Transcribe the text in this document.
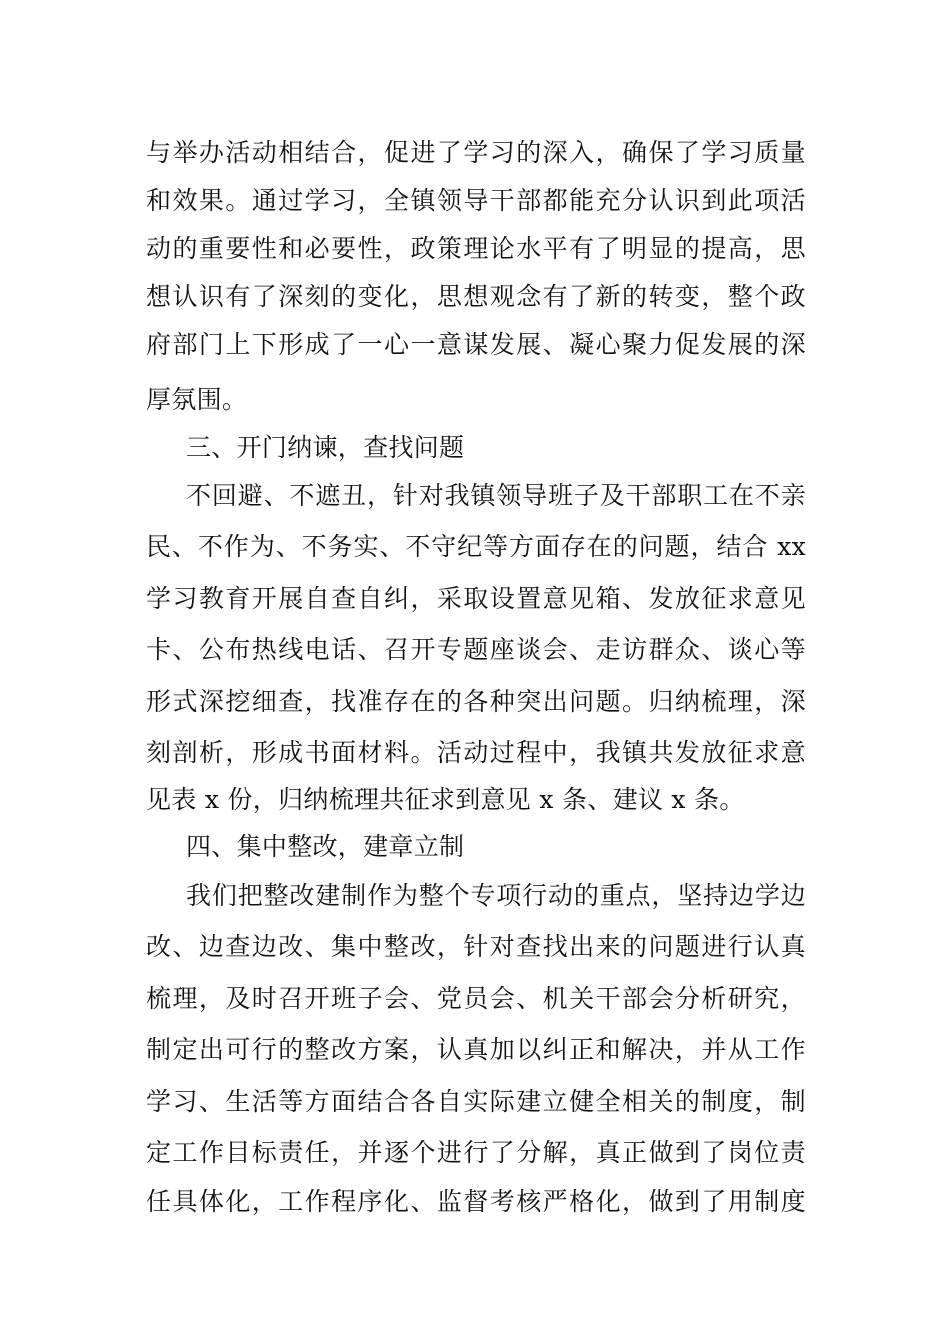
与举办活动相结合，促进了学习的深入，确保了学习质量
和效果。通过学习，全镇领导干部都能充分认识到此项活
动的重要性和必要性，政策理论水平有了明显的提高，思
想认识有了深刻的变化，思想观念有了新的转变，整个政
府部门上下形成了一心一意谋发展、凝心聚力促发展的深
厚氛围。
三、开门纳谏，查找问题
不回避、不遮丑，针对我镇领导班子及干部职工在不亲
民、不作为、不务实、不守纪等方面存在的问题，结合 xx
学习教育开展自查自纠，采取设置意见箱、发放征求意见
卡、公布热线电话、召开专题座谈会、走访群众、谈心等
形式深挖细查，找准存在的各种突出问题。归纳梳理，深
刻剖析，形成书面材料。活动过程中，我镇共发放征求意
见表 x 份，归纳梳理共征求到意见 x 条、建议 x 条。
四、集中整改，建章立制
我们把整改建制作为整个专项行动的重点，坚持边学边
改、边查边改、集中整改，针对查找出来的问题进行认真
梳理，及时召开班子会、党员会、机关干部会分析研究，
制定出可行的整改方案，认真加以纠正和解决，并从工作
学习、生活等方面结合各自实际建立健全相关的制度，制
定工作目标责任，并逐个进行了分解，真正做到了岗位责
任具体化，工作程序化、监督考核严格化，做到了用制度
